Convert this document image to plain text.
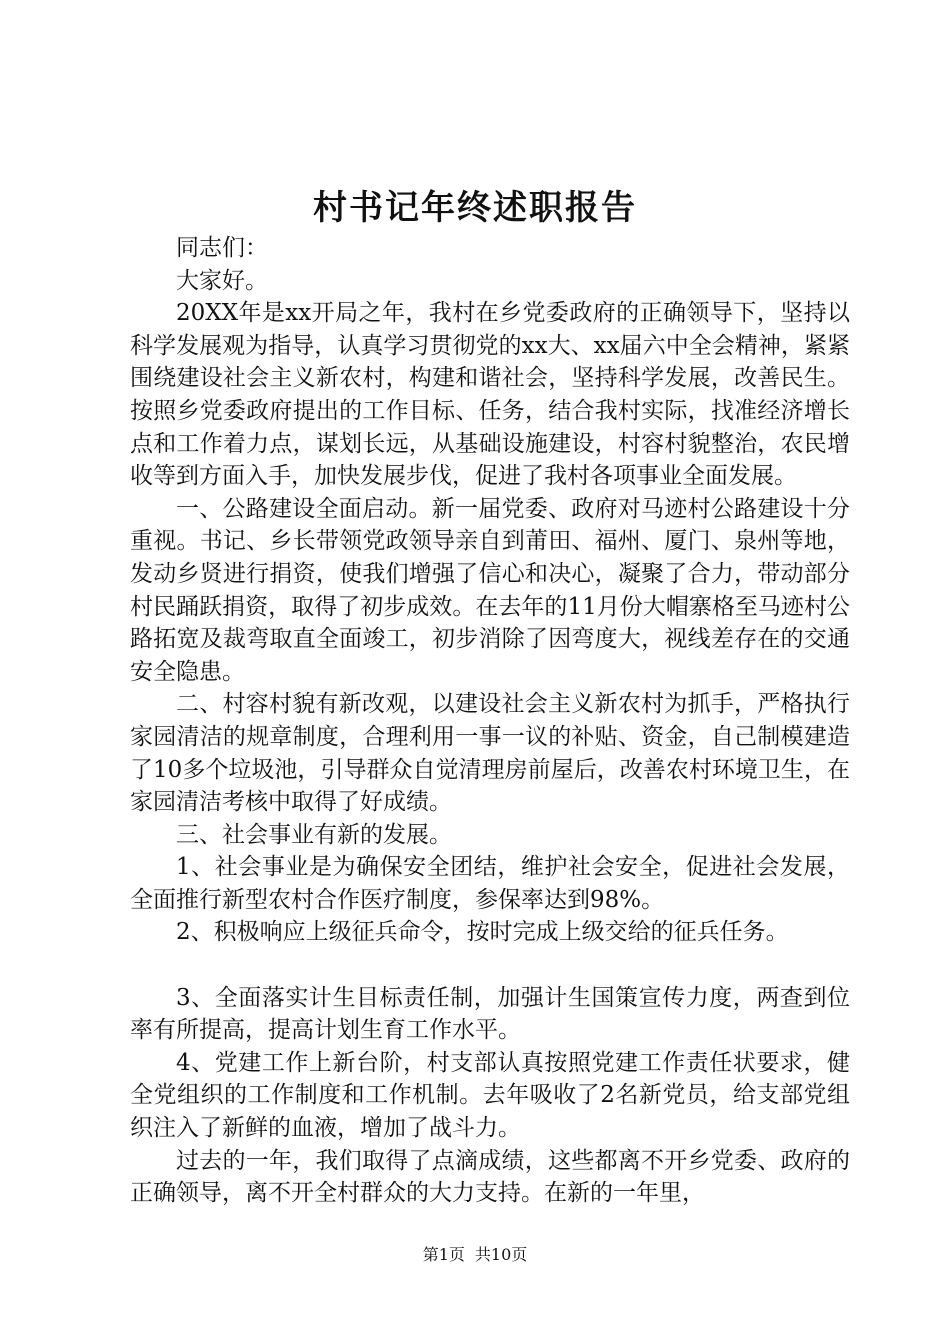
村书记年终述职报告

同志们：

大家好。

20XX年是xx开局之年，我村在乡党委政府的正确领导下，坚持以科学发展观为指导，认真学习贯彻党的xx大、xx届六中全会精神，紧紧围绕建设社会主义新农村，构建和谐社会，坚持科学发展，改善民生。按照乡党委政府提出的工作目标、任务，结合我村实际，找准经济增长点和工作着力点，谋划长远，从基础设施建设，村容村貌整治，农民增收等到方面入手，加快发展步伐，促进了我村各项事业全面发展。

一、公路建设全面启动。新一届党委、政府对马迹村公路建设十分重视。书记、乡长带领党政领导亲自到莆田、福州、厦门、泉州等地，发动乡贤进行捐资，使我们增强了信心和决心，凝聚了合力，带动部分村民踊跃捐资，取得了初步成效。在去年的11月份大帽寨格至马迹村公路拓宽及裁弯取直全面竣工，初步消除了因弯度大，视线差存在的交通安全隐患。

二、村容村貌有新改观，以建设社会主义新农村为抓手，严格执行家园清洁的规章制度，合理利用一事一议的补贴、资金，自己制模建造了10多个垃圾池，引导群众自觉清理房前屋后，改善农村环境卫生，在家园清洁考核中取得了好成绩。

三、社会事业有新的发展。

1、社会事业是为确保安全团结，维护社会安全，促进社会发展，全面推行新型农村合作医疗制度，参保率达到98%。

2、积极响应上级征兵命令，按时完成上级交给的征兵任务。

3、全面落实计生目标责任制，加强计生国策宣传力度，两查到位率有所提高，提高计划生育工作水平。

4、党建工作上新台阶，村支部认真按照党建工作责任状要求，健全党组织的工作制度和工作机制。去年吸收了2名新党员，给支部党组织注入了新鲜的血液，增加了战斗力。

过去的一年，我们取得了点滴成绩，这些都离不开乡党委、政府的正确领导，离不开全村群众的大力支持。在新的一年里，

第1页 共10页
